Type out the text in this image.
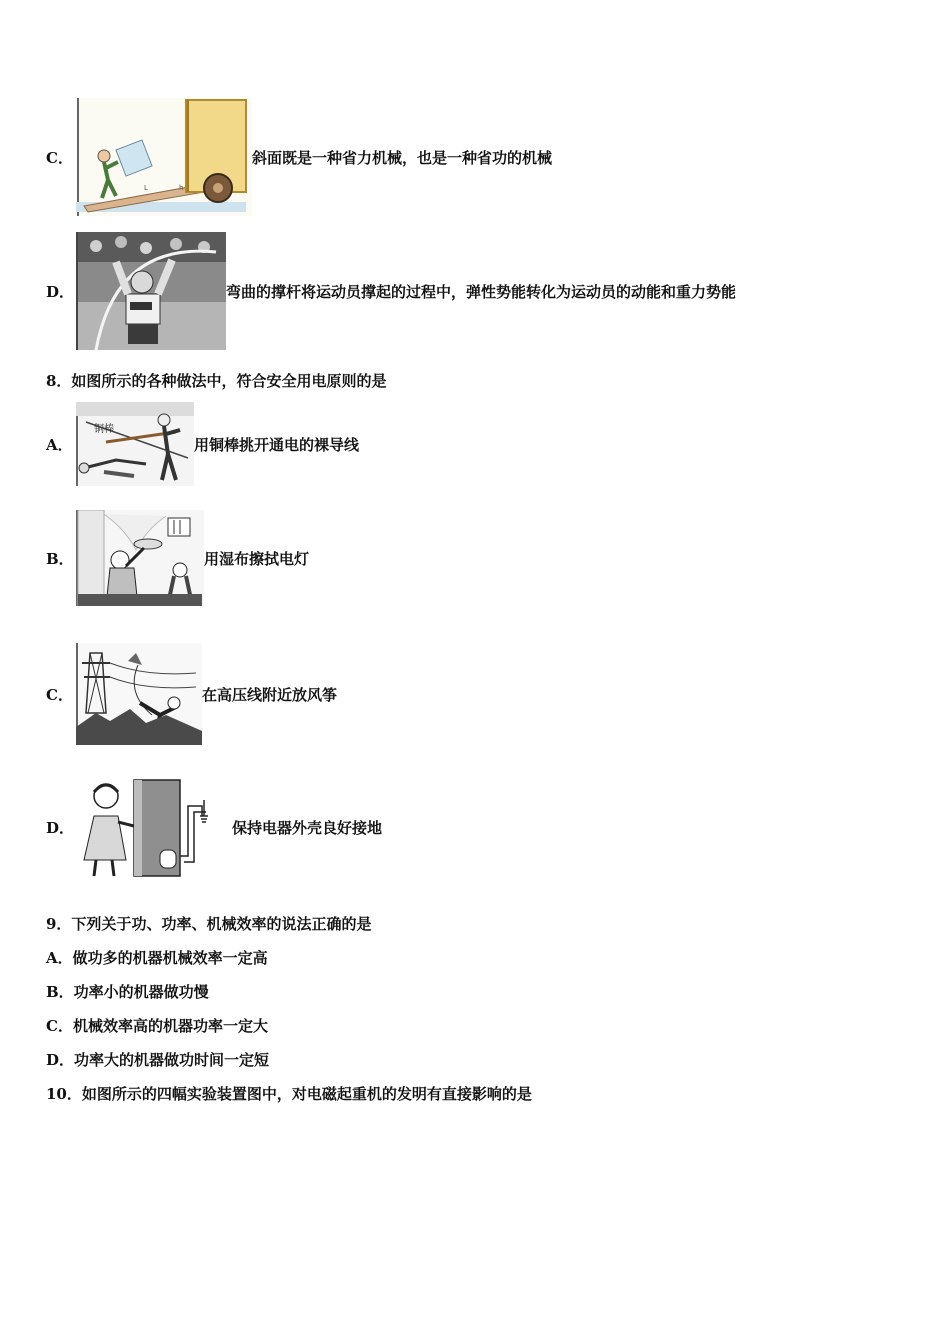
C．
L	h
斜面既是一种省力机械，也是一种省功的机械
D．	弯曲的撑杆将运动员撑起的过程中，弹性势能转化为运动员的动能和重力势能
8．如图所示的各种做法中，符合安全用电原则的是
A．
铜棒
用铜棒挑开通电的裸导线
B．	用湿布擦拭电灯
C．	在高压线附近放风筝
D．	保持电器外壳良好接地
9．下列关于功、功率、机械效率的说法正确的是
A．做功多的机器机械效率一定高
B．功率小的机器做功慢
C．机械效率高的机器功率一定大
D．功率大的机器做功时间一定短
10．如图所示的四幅实验装置图中，对电磁起重机的发明有直接影响的是
